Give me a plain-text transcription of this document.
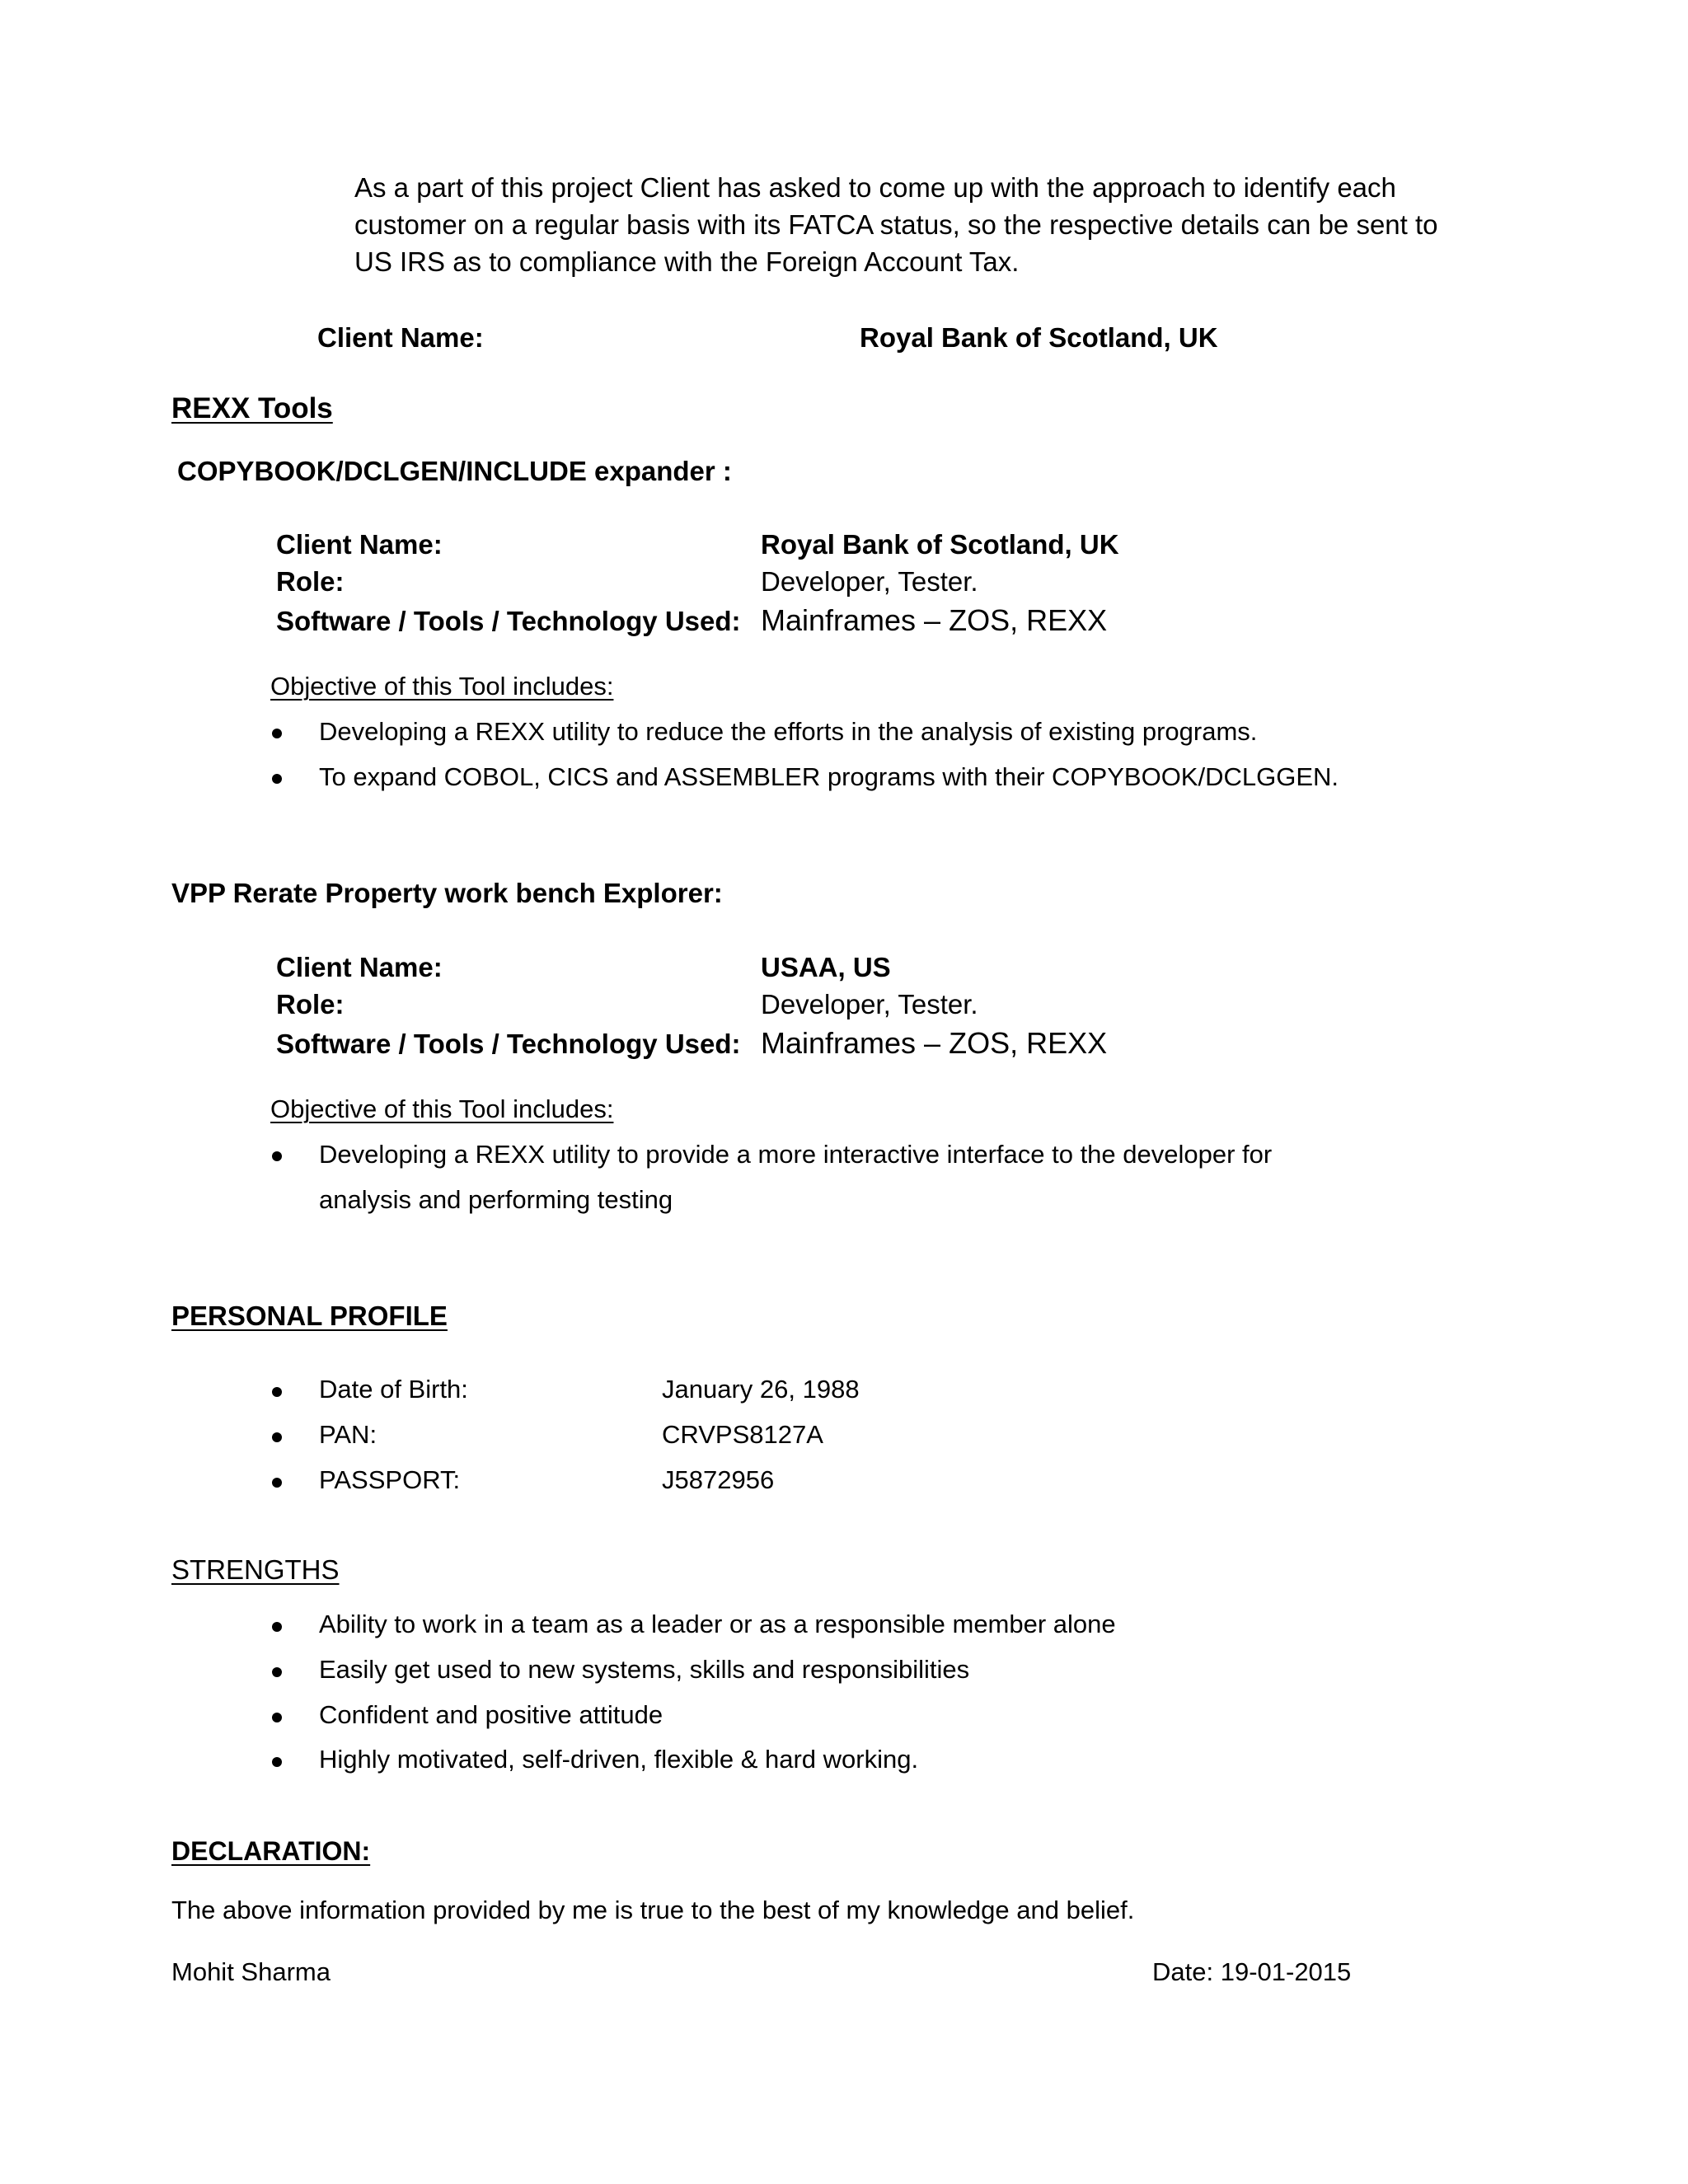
As a part of this project Client has asked to come up with the approach to identify each
customer on a regular basis with its FATCA status, so the respective details can be sent to
US IRS as to compliance with the Foreign Account Tax.
Client Name:	Royal Bank of Scotland, UK
REXX Tools
COPYBOOK/DCLGEN/INCLUDE expander :
Client Name:	Royal Bank of Scotland, UK
Role:	Developer, Tester.
Software / Tools / Technology Used: Mainframes – ZOS, REXX
Objective of this Tool includes:
Developing a REXX utility to reduce the efforts in the analysis of existing programs.
To expand COBOL, CICS and ASSEMBLER programs with their COPYBOOK/DCLGGEN.
VPP Rerate Property work bench Explorer:
Client Name:	USAA, US
Role:	Developer, Tester.
Software / Tools / Technology Used: Mainframes – ZOS, REXX
Objective of this Tool includes:
Developing a REXX utility to provide a more interactive interface to the developer for
analysis and performing testing
PERSONAL PROFILE
Date of Birth:	January 26, 1988
PAN:	CRVPS8127A
PASSPORT:	J5872956
STRENGTHS
Ability to work in a team as a leader or as a responsible member alone
Easily get used to new systems, skills and responsibilities
Confident and positive attitude
Highly motivated, self-driven, flexible & hard working.
DECLARATION:
The above information provided by me is true to the best of my knowledge and belief.
Mohit Sharma	Date: 19-01-2015
